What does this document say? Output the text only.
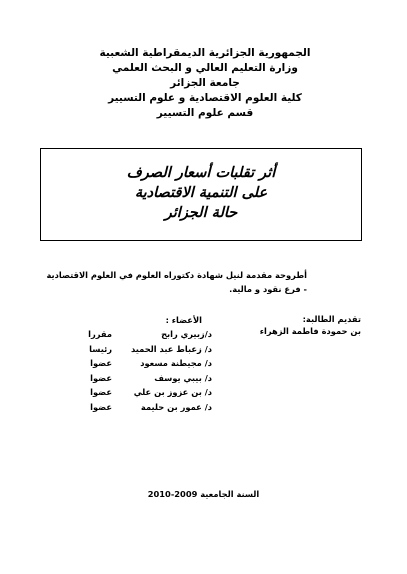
الجمهورية الجزائرية الديمقراطية الشعبية
وزارة التعليم العالي و البحث العلمي
جامعة الجزائر
كلية العلوم الاقتصادية و علوم التسيير
قسم علوم التسيير
أثر تقلبات أسعار الصرف
على التنمية الاقتصادية
حالة الجزائر
أطروحة مقدمة لنيل شهادة دكتوراه العلوم في العلوم الاقتصادية
- فرع نقود و مالية.
تقديم الطالبة:
بن حمودة فاطمة الزهراء
الأعضاء :
د/زبيري رابح
مقررا
د/ زعباط عبد الحميد
رئيسا
د/ مجيطنة مسعود
عضوا
د/ بيبي يوسف
عضوا
د/ بن عزوز بن علي
عضوا
د/ عمور بن حليمة
عضوا
السنة الجامعية 2009-2010
